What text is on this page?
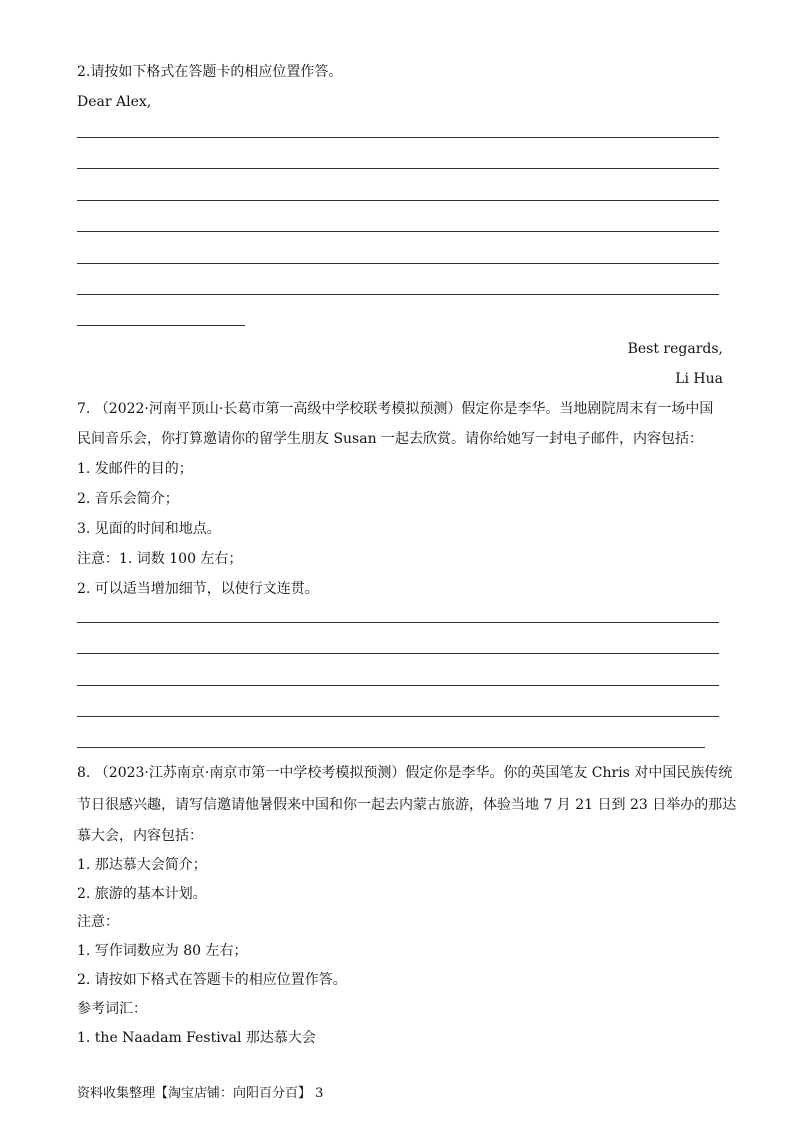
2.请按如下格式在答题卡的相应位置作答。
Dear Alex,
Best regards,
Li Hua
7. （2022·河南平顶山·长葛市第一高级中学校联考模拟预测）假定你是李华。当地剧院周末有一场中国
民间音乐会，你打算邀请你的留学生朋友 Susan 一起去欣赏。请你给她写一封电子邮件，内容包括：
1. 发邮件的目的；
2. 音乐会简介；
3. 见面的时间和地点。
注意：1. 词数 100 左右；
2. 可以适当增加细节，以使行文连贯。
8. （2023·江苏南京·南京市第一中学校考模拟预测）假定你是李华。你的英国笔友 Chris 对中国民族传统
节日很感兴趣，请写信邀请他暑假来中国和你一起去内蒙古旅游，体验当地 7 月 21 日到 23 日举办的那达
慕大会，内容包括：
1. 那达慕大会简介；
2. 旅游的基本计划。
注意：
1. 写作词数应为 80 左右；
2. 请按如下格式在答题卡的相应位置作答。
参考词汇：
1. the Naadam Festival 那达慕大会
资料收集整理【淘宝店铺：向阳百分百】 3
